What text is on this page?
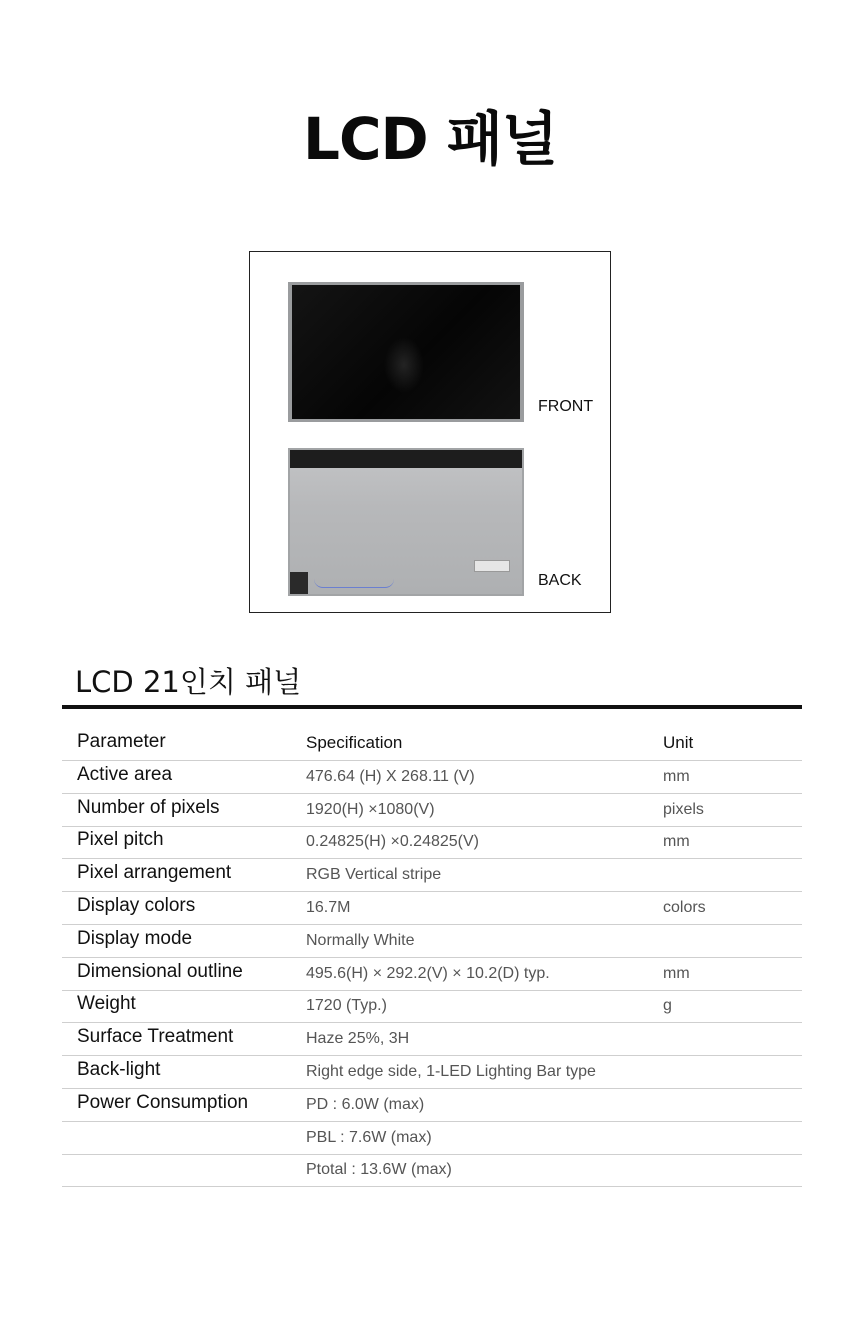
LCD 패널
FRONT
BACK
LCD 21인치 패널
Parameter	Specification	Unit
Active area	476.64 (H) X 268.11 (V)	mm
Number of pixels	1920(H) ×1080(V)	pixels
Pixel pitch	0.24825(H) ×0.24825(V)	mm
Pixel arrangement	RGB Vertical stripe
Display colors	16.7M	colors
Display mode	Normally White
Dimensional outline	495.6(H) × 292.2(V) × 10.2(D) typ.	mm
Weight	1720 (Typ.)	g
Surface Treatment	Haze 25%, 3H
Back-light	Right edge side, 1-LED Lighting Bar type
Power Consumption	PD : 6.0W (max)
PBL : 7.6W (max)
Ptotal : 13.6W (max)
